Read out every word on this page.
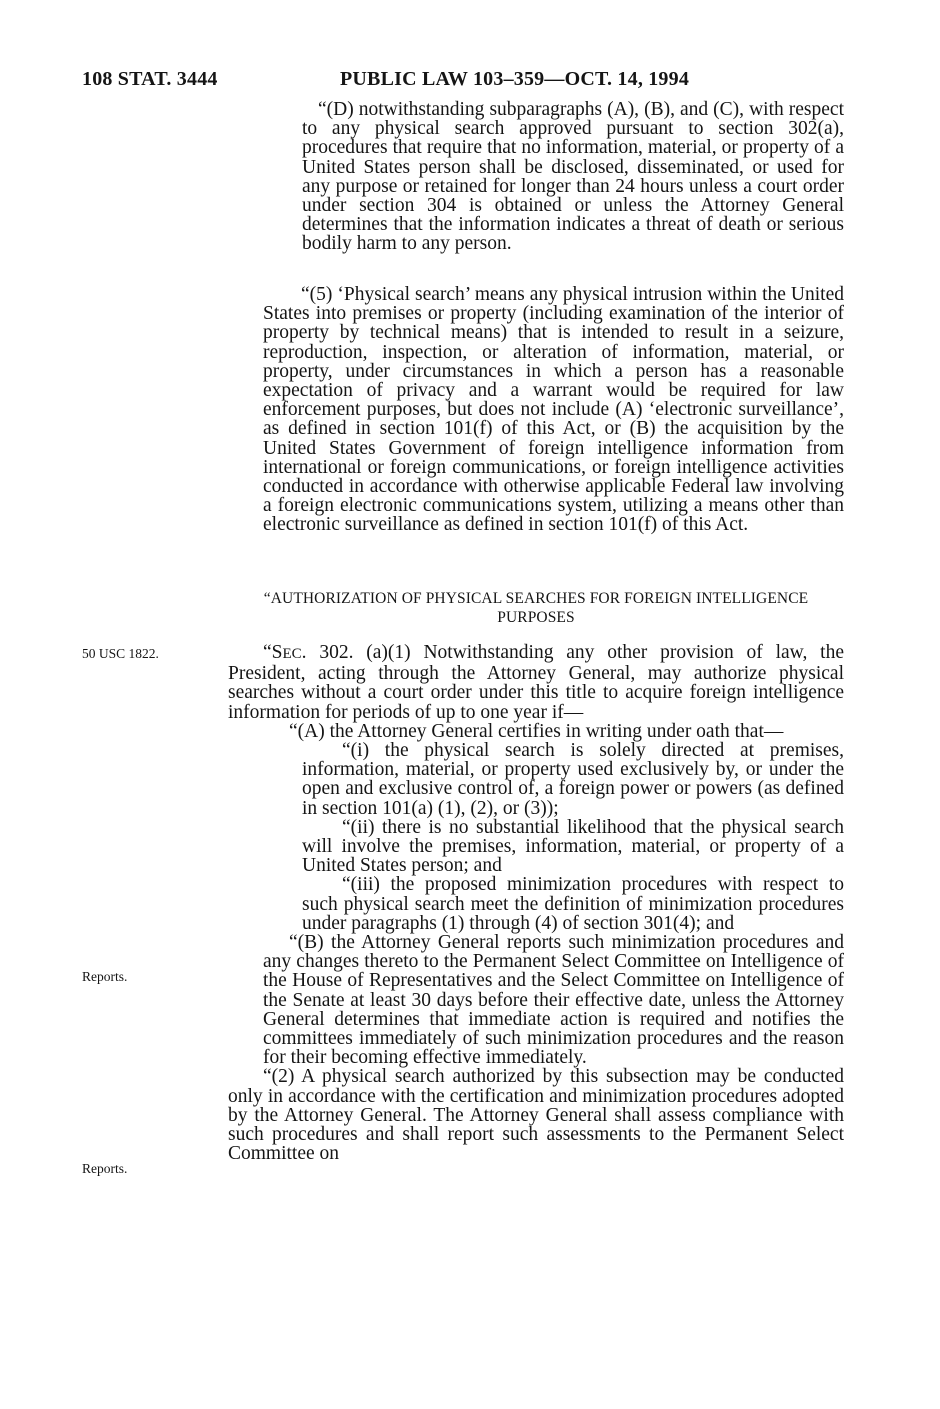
108 STAT. 3444	PUBLIC LAW 103–359—OCT. 14, 1994

“(D) notwithstanding subparagraphs (A), (B), and (C), with respect to any physical search approved pursuant to section 302(a), procedures that require that no information, material, or property of a United States person shall be disclosed, disseminated, or used for any purpose or retained for longer than 24 hours unless a court order under section 304 is obtained or unless the Attorney General determines that the information indicates a threat of death or serious bodily harm to any person.

“(5) ‘Physical search’ means any physical intrusion within the United States into premises or property (including examination of the interior of property by technical means) that is intended to result in a seizure, reproduction, inspection, or alteration of information, material, or property, under circumstances in which a person has a reasonable expectation of privacy and a warrant would be required for law enforcement purposes, but does not include (A) ‘electronic surveillance’, as defined in section 101(f) of this Act, or (B) the acquisition by the United States Government of foreign intelligence information from international or foreign communications, or foreign intelligence activities conducted in accordance with otherwise applicable Federal law involving a foreign electronic communications system, utilizing a means other than electronic surveillance as defined in section 101(f) of this Act.

“AUTHORIZATION OF PHYSICAL SEARCHES FOR FOREIGN INTELLIGENCE
PURPOSES
50 USC 1822.
Reports.
Reports.

“SEC. 302. (a)(1) Notwithstanding any other provision of law, the President, acting through the Attorney General, may authorize physical searches without a court order under this title to acquire foreign intelligence information for periods of up to one year if—

“(A) the Attorney General certifies in writing under oath that—

“(i) the physical search is solely directed at premises, information, material, or property used exclusively by, or under the open and exclusive control of, a foreign power or powers (as defined in section 101(a) (1), (2), or (3));

“(ii) there is no substantial likelihood that the physical search will involve the premises, information, material, or property of a United States person; and

“(iii) the proposed minimization procedures with respect to such physical search meet the definition of minimization procedures under paragraphs (1) through (4) of section 301(4); and

“(B) the Attorney General reports such minimization procedures and any changes thereto to the Permanent Select Committee on Intelligence of the House of Representatives and the Select Committee on Intelligence of the Senate at least 30 days before their effective date, unless the Attorney General determines that immediate action is required and notifies the committees immediately of such minimization procedures and the reason for their becoming effective immediately.

“(2) A physical search authorized by this subsection may be conducted only in accordance with the certification and minimization procedures adopted by the Attorney General. The Attorney General shall assess compliance with such procedures and shall report such assessments to the Permanent Select Committee on
